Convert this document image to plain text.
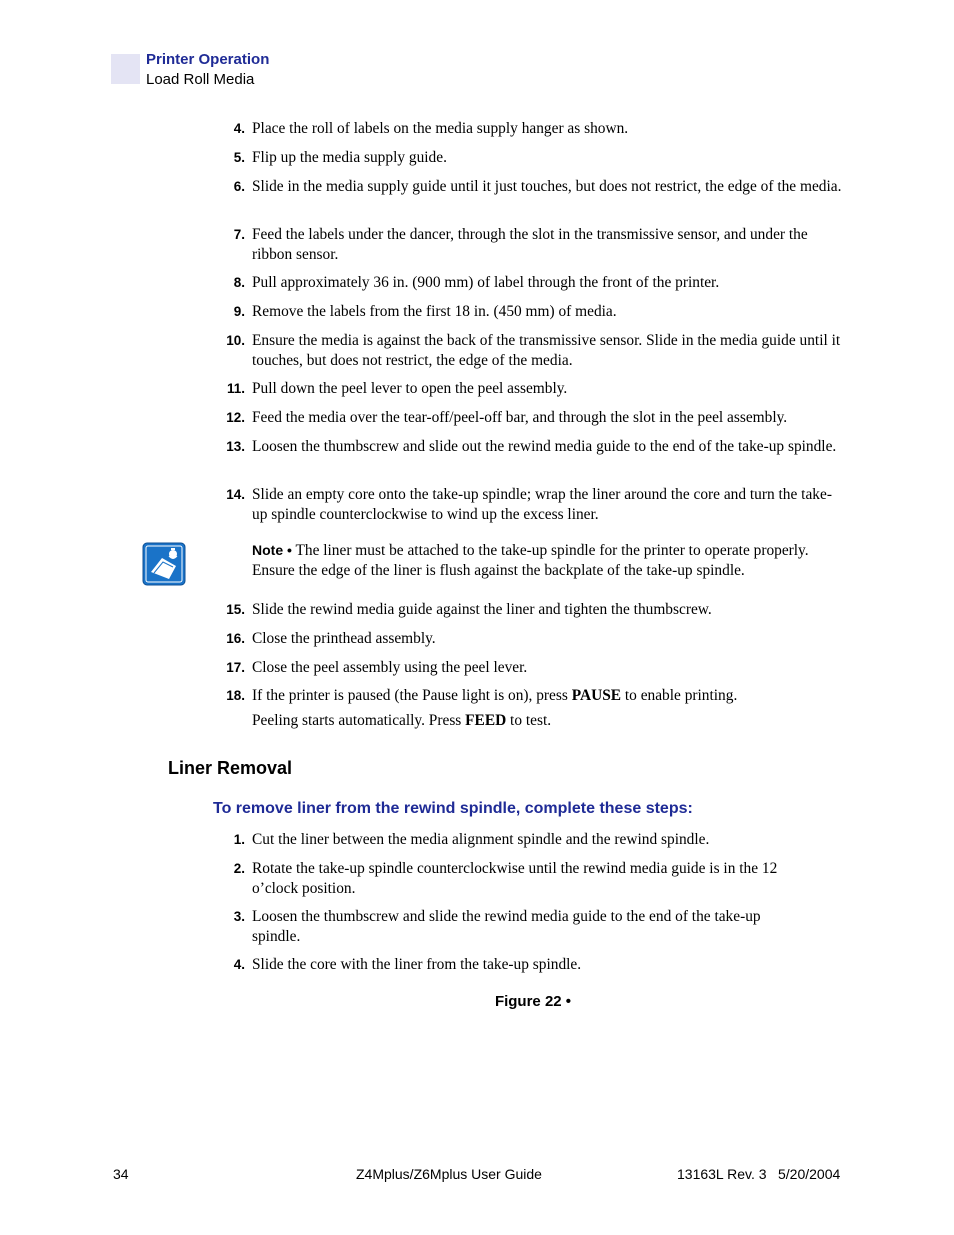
Printer Operation
Load Roll Media
4. Place the roll of labels on the media supply hanger as shown.
5. Flip up the media supply guide.
6. Slide in the media supply guide until it just touches, but does not restrict, the edge of the media.
7. Feed the labels under the dancer, through the slot in the transmissive sensor, and under the ribbon sensor.
8. Pull approximately 36 in. (900 mm) of label through the front of the printer.
9. Remove the labels from the first 18 in. (450 mm) of media.
10. Ensure the media is against the back of the transmissive sensor. Slide in the media guide until it touches, but does not restrict, the edge of the media.
11. Pull down the peel lever to open the peel assembly.
12. Feed the media over the tear-off/peel-off bar, and through the slot in the peel assembly.
13. Loosen the thumbscrew and slide out the rewind media guide to the end of the take-up spindle.
14. Slide an empty core onto the take-up spindle; wrap the liner around the core and turn the take-up spindle counterclockwise to wind up the excess liner.
Note • The liner must be attached to the take-up spindle for the printer to operate properly. Ensure the edge of the liner is flush against the backplate of the take-up spindle.
15. Slide the rewind media guide against the liner and tighten the thumbscrew.
16. Close the printhead assembly.
17. Close the peel assembly using the peel lever.
18. If the printer is paused (the Pause light is on), press PAUSE to enable printing.
Peeling starts automatically. Press FEED to test.
Liner Removal
To remove liner from the rewind spindle, complete these steps:
1. Cut the liner between the media alignment spindle and the rewind spindle.
2. Rotate the take-up spindle counterclockwise until the rewind media guide is in the 12 o’clock position.
3. Loosen the thumbscrew and slide the rewind media guide to the end of the take-up spindle.
4. Slide the core with the liner from the take-up spindle.
Figure 22 •
34	Z4Mplus/Z6Mplus User Guide	13163L Rev. 3 5/20/2004
